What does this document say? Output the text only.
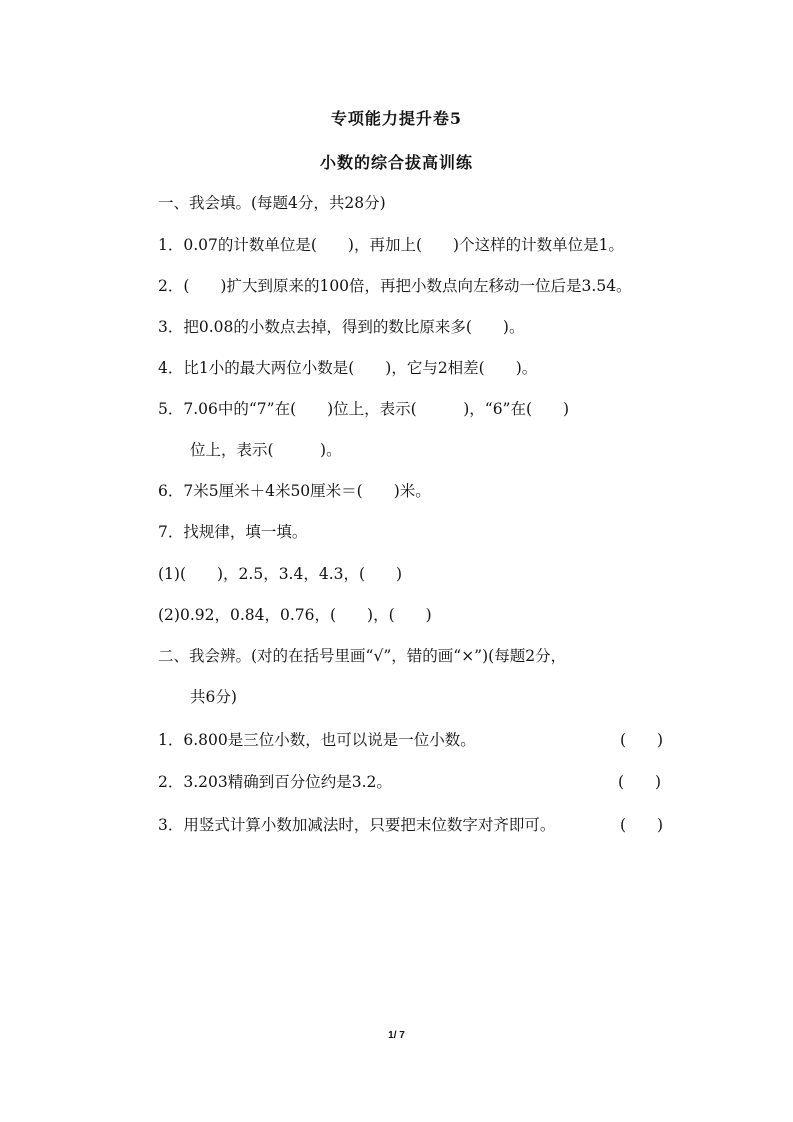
专项能力提升卷5
小数的综合拔高训练
一、我会填。(每题4分，共28分)
1．0.07的计数单位是(　　)，再加上(　　)个这样的计数单位是1。
2．(　　)扩大到原来的100倍，再把小数点向左移动一位后是3.54。
3．把0.08的小数点去掉，得到的数比原来多(　　)。
4．比1小的最大两位小数是(　　)，它与2相差(　　)。
5．7.06中的“7”在(　　)位上，表示(　　　)，“6”在(　　)
位上，表示(　　　)。
6．7米5厘米＋4米50厘米＝(　　)米。
7．找规律，填一填。
(1)(　　)，2.5，3.4，4.3，(　　)
(2)0.92，0.84，0.76，(　　)，(　　)
二、我会辨。(对的在括号里画“√”，错的画“×”)(每题2分，
共6分)
1．6.800是三位小数，也可以说是一位小数。	(　　)
2．3.203精确到百分位约是3.2。	(　　)
3．用竖式计算小数加减法时，只要把末位数字对齐即可。	(　　)
1/ 7
